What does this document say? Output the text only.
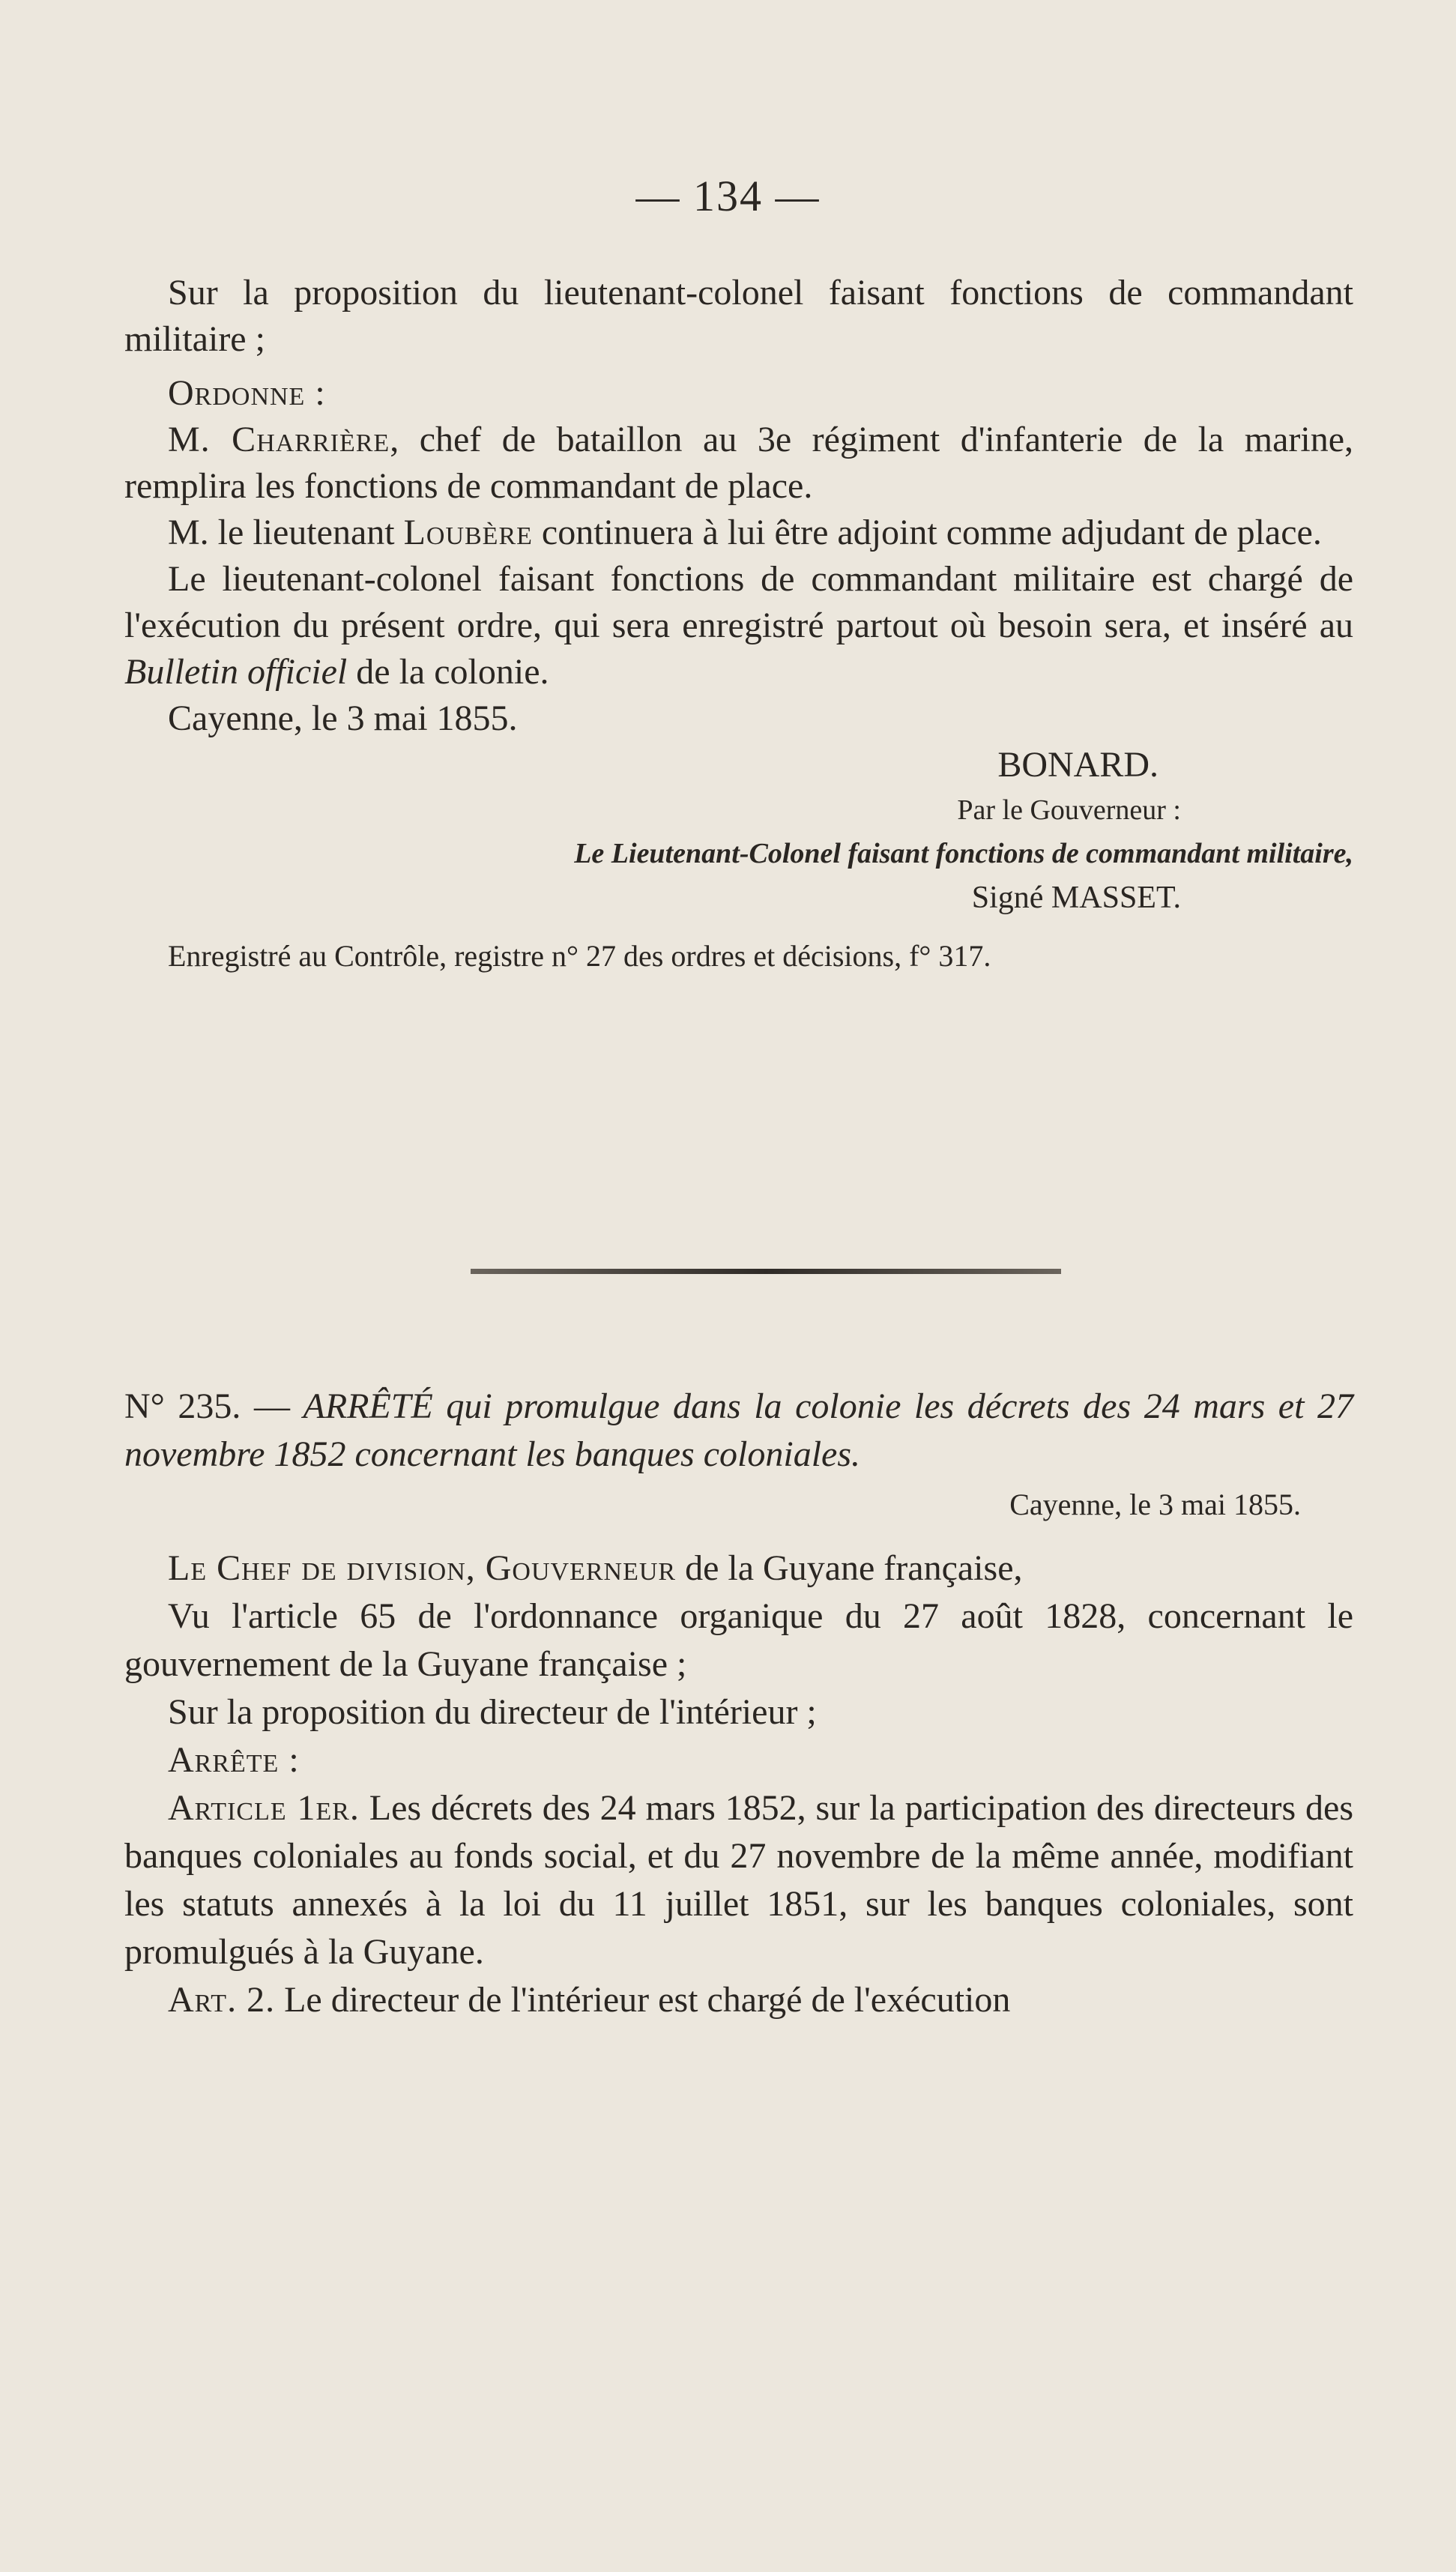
— 134 —

Sur la proposition du lieutenant-colonel faisant fonctions de commandant militaire ;

Ordonne :

M. Charrière, chef de bataillon au 3e régiment d'infanterie de la marine, remplira les fonctions de commandant de place.

M. le lieutenant Loubère continuera à lui être adjoint comme adjudant de place.

Le lieutenant-colonel faisant fonctions de commandant militaire est chargé de l'exécution du présent ordre, qui sera enregistré partout où besoin sera, et inséré au Bulletin officiel de la colonie.

Cayenne, le 3 mai 1855.

BONARD.
Par le Gouverneur :
Le Lieutenant-Colonel faisant fonctions de commandant militaire,
Signé MASSET.

Enregistré au Contrôle, registre n° 27 des ordres et décisions, f° 317.

N° 235. — ARRÊTÉ qui promulgue dans la colonie les décrets des 24 mars et 27 novembre 1852 concernant les banques coloniales.

Cayenne, le 3 mai 1855.

Le Chef de division, Gouverneur de la Guyane française,

Vu l'article 65 de l'ordonnance organique du 27 août 1828, concernant le gouvernement de la Guyane française ;

Sur la proposition du directeur de l'intérieur ;

Arrête :

Article 1er. Les décrets des 24 mars 1852, sur la participation des directeurs des banques coloniales au fonds social, et du 27 novembre de la même année, modifiant les statuts annexés à la loi du 11 juillet 1851, sur les banques coloniales, sont promulgués à la Guyane.

Art. 2. Le directeur de l'intérieur est chargé de l'exécution
